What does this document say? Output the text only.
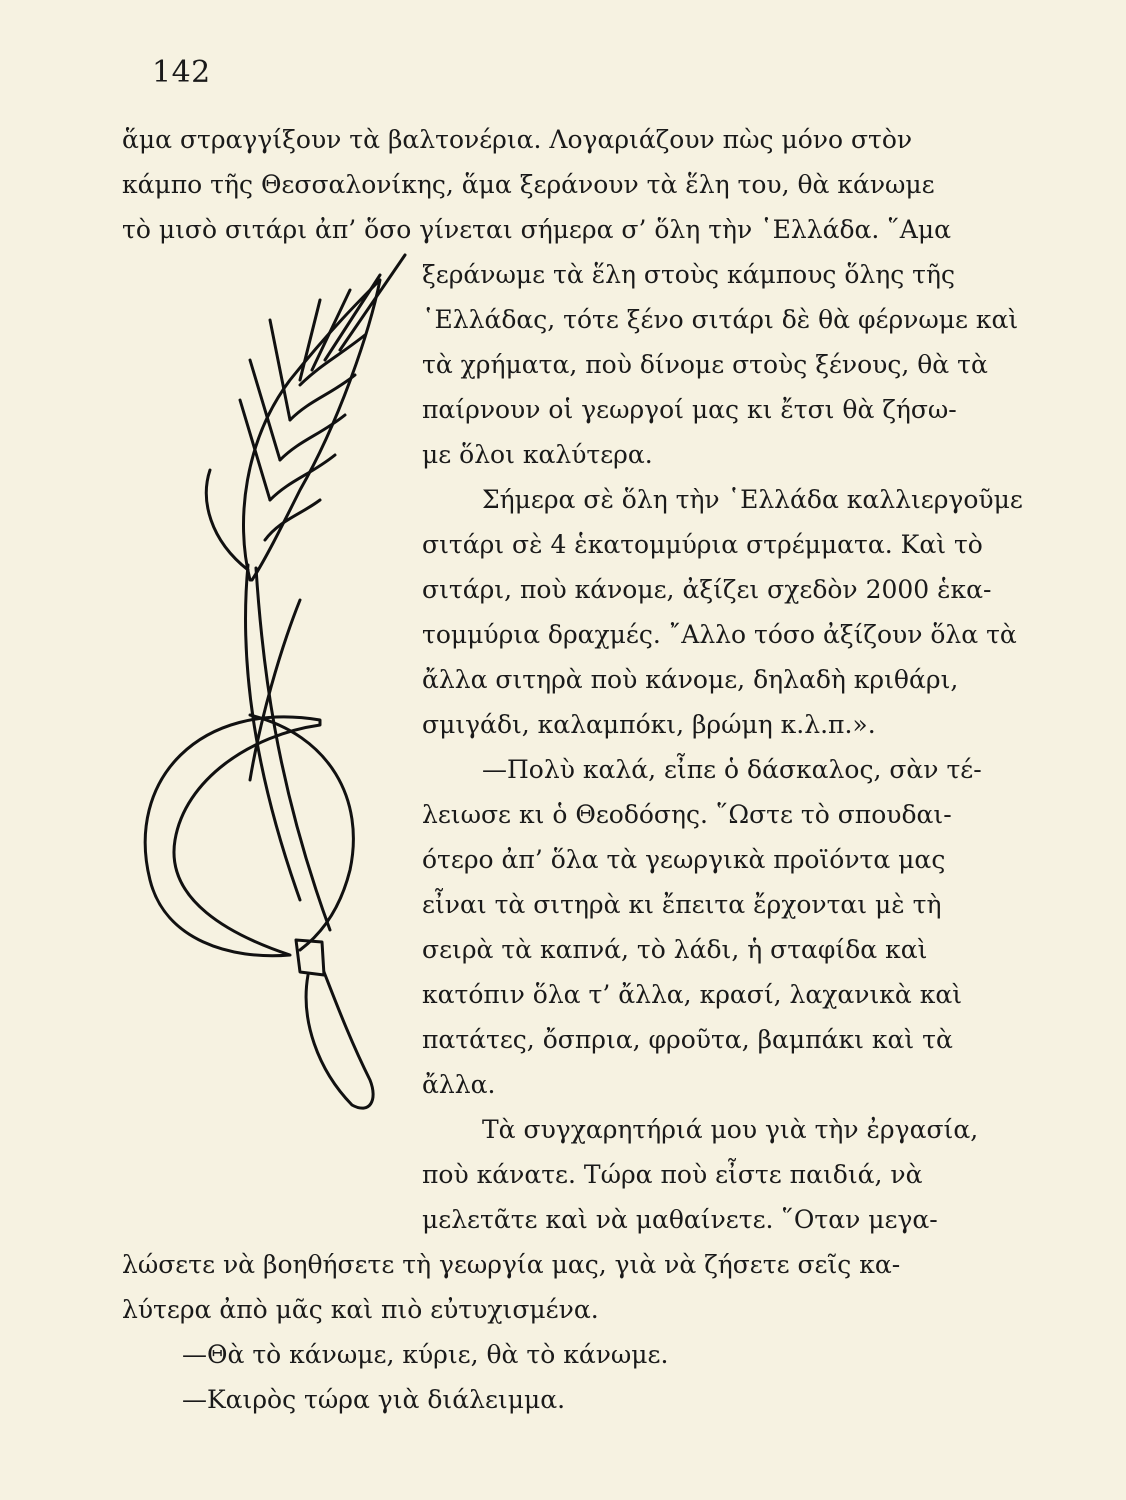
142
ἅμα στραγγίξουν τὰ βαλτονέρια. Λογαριάζουν πὼς μόνο στὸν
κάμπο τῆς Θεσσαλονίκης, ἅμα ξεράνουν τὰ ἕλη του, θὰ κάνωμε
τὸ μισὸ σιτάρι ἀπ’ ὅσο γίνεται σήμερα σ’ ὅλη τὴν ῾Ελλάδα. ῞Αμα
ξεράνωμε τὰ ἕλη στοὺς κάμπους ὅλης τῆς
῾Ελλάδας, τότε ξένο σιτάρι δὲ θὰ φέρνωμε καὶ
τὰ χρήματα, ποὺ δίνομε στοὺς ξένους, θὰ τὰ
παίρνουν οἱ γεωργοί μας κι ἔτσι θὰ ζήσω-
με ὅλοι καλύτερα.
Σήμερα σὲ ὅλη τὴν ῾Ελλάδα καλλιεργοῦμε
σιτάρι σὲ 4 ἑκατομμύρια στρέμματα. Καὶ τὸ
σιτάρι, ποὺ κάνομε, ἀξίζει σχεδὸν 2000 ἑκα-
τομμύρια δραχμές. ῎Αλλο τόσο ἀξίζουν ὅλα τὰ
ἄλλα σιτηρὰ ποὺ κάνομε, δηλαδὴ κριθάρι,
σμιγάδι, καλαμπόκι, βρώμη κ.λ.π.».
—Πολὺ καλά, εἶπε ὁ δάσκαλος, σὰν τέ-
λειωσε κι ὁ Θεοδόσης. ῞Ωστε τὸ σπουδαι-
ότερο ἀπ’ ὅλα τὰ γεωργικὰ προϊόντα μας
εἶναι τὰ σιτηρὰ κι ἔπειτα ἔρχονται μὲ τὴ
σειρὰ τὰ καπνά, τὸ λάδι, ἡ σταφίδα καὶ
κατόπιν ὅλα τ’ ἄλλα, κρασί, λαχανικὰ καὶ
πατάτες, ὄσπρια, φροῦτα, βαμπάκι καὶ τὰ
ἄλλα.
Τὰ συγχαρητήριά μου γιὰ τὴν ἐργασία,
ποὺ κάνατε. Τώρα ποὺ εἶστε παιδιά, νὰ
μελετᾶτε καὶ νὰ μαθαίνετε. ῞Οταν μεγα-
λώσετε νὰ βοηθήσετε τὴ γεωργία μας, γιὰ νὰ ζήσετε σεῖς κα-
λύτερα ἀπὸ μᾶς καὶ πιὸ εὐτυχισμένα.
—Θὰ τὸ κάνωμε, κύριε, θὰ τὸ κάνωμε.
—Καιρὸς τώρα γιὰ διάλειμμα.
